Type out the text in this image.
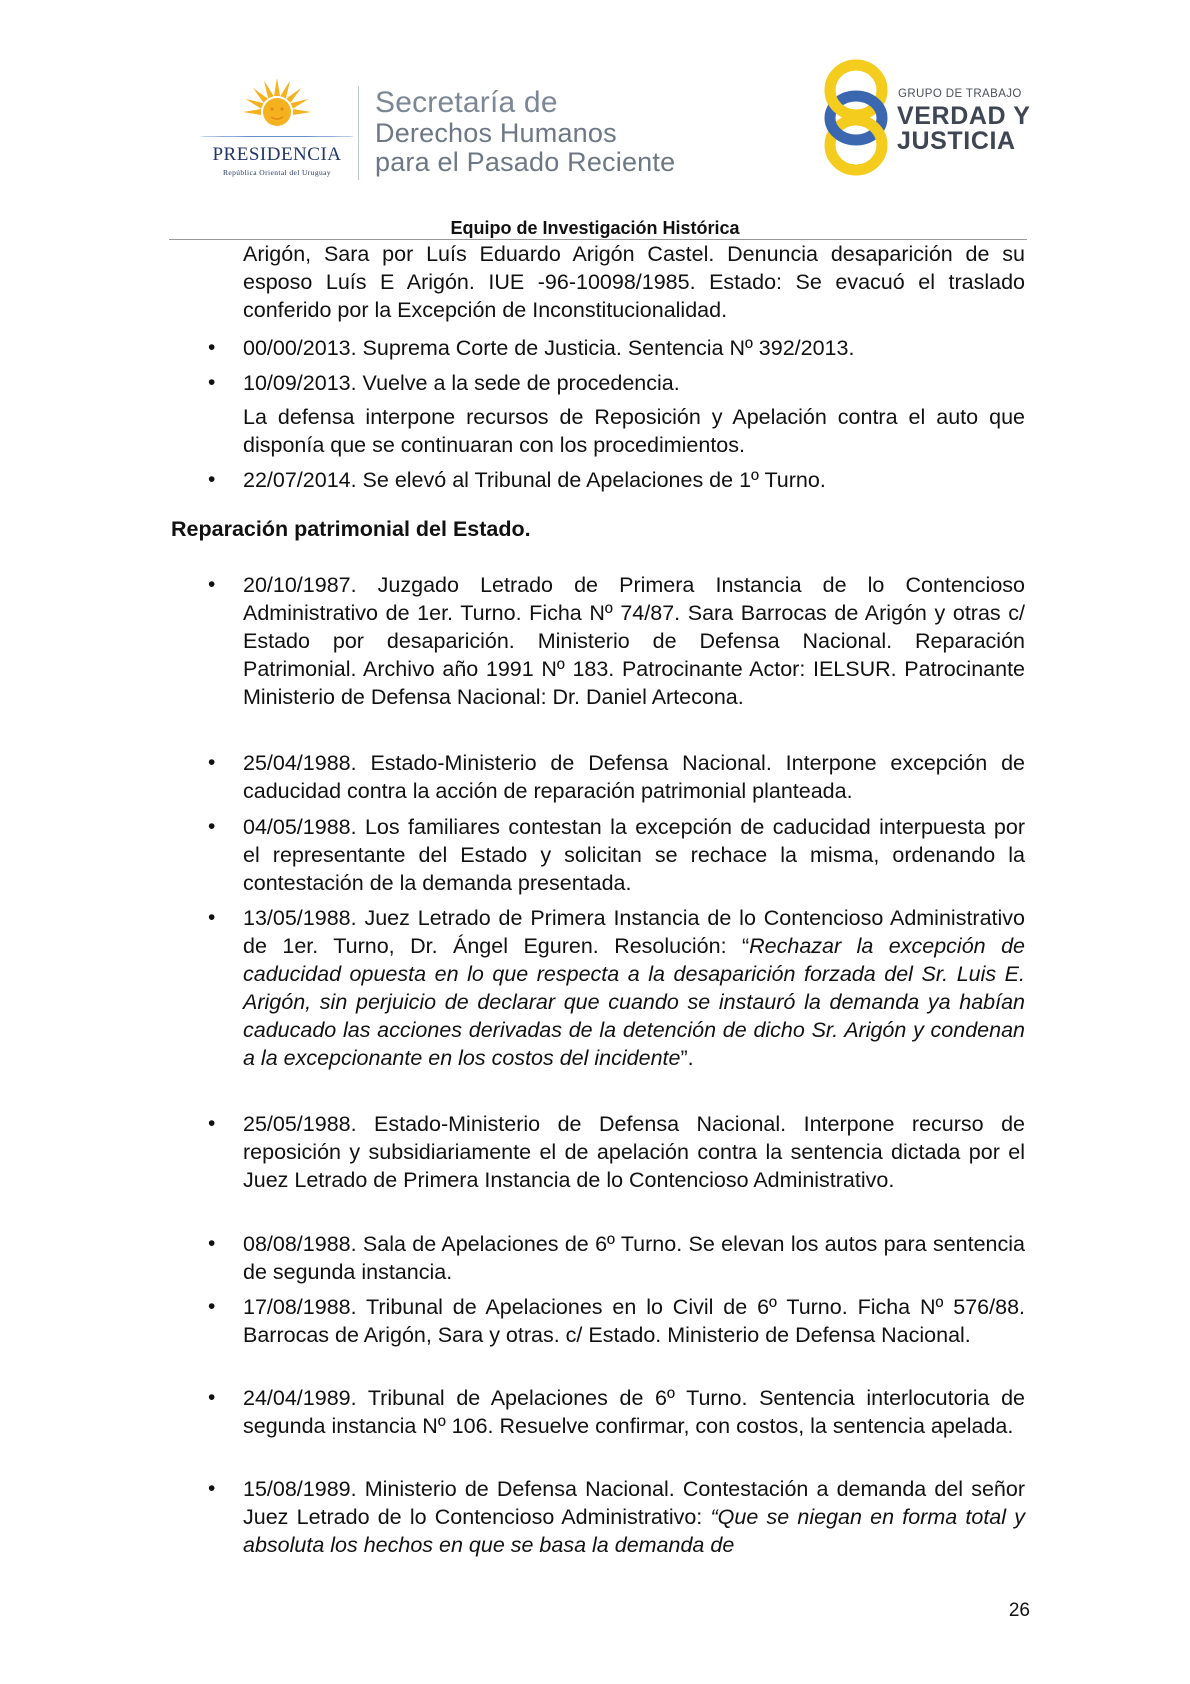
PRESIDENCIA
República Oriental del Uruguay
Secretaría de
Derechos Humanos
para el Pasado Reciente
GRUPO DE TRABAJO
VERDAD Y
JUSTICIA
Equipo de Investigación Histórica

Arigón, Sara por Luís Eduardo Arigón Castel. Denuncia desaparición de su esposo Luís E Arigón. IUE -96-10098/1985. Estado: Se evacuó el traslado conferido por la Excepción de Inconstitucionalidad.

• 00/00/2013. Suprema Corte de Justicia. Sentencia Nº 392/2013.

• 10/09/2013. Vuelve a la sede de procedencia.

La defensa interpone recursos de Reposición y Apelación contra el auto que disponía que se continuaran con los procedimientos.

• 22/07/2014. Se elevó al Tribunal de Apelaciones de 1º Turno.

Reparación patrimonial del Estado.
• 20/10/1987. Juzgado Letrado de Primera Instancia de lo Contencioso Administrativo de 1er. Turno. Ficha Nº 74/87. Sara Barrocas de Arigón y otras c/ Estado por desaparición. Ministerio de Defensa Nacional. Reparación Patrimonial. Archivo año 1991 Nº 183. Patrocinante Actor: IELSUR. Patrocinante Ministerio de Defensa Nacional: Dr. Daniel Artecona.

• 25/04/1988. Estado-Ministerio de Defensa Nacional. Interpone excepción de caducidad contra la acción de reparación patrimonial planteada.

• 04/05/1988. Los familiares contestan la excepción de caducidad interpuesta por el representante del Estado y solicitan se rechace la misma, ordenando la contestación de la demanda presentada.

• 13/05/1988. Juez Letrado de Primera Instancia de lo Contencioso Administrativo de 1er. Turno, Dr. Ángel Eguren. Resolución: “Rechazar la excepción de caducidad opuesta en lo que respecta a la desaparición forzada del Sr. Luis E. Arigón, sin perjuicio de declarar que cuando se instauró la demanda ya habían caducado las acciones derivadas de la detención de dicho Sr. Arigón y condenan a la excepcionante en los costos del incidente”.

• 25/05/1988. Estado-Ministerio de Defensa Nacional. Interpone recurso de reposición y subsidiariamente el de apelación contra la sentencia dictada por el Juez Letrado de Primera Instancia de lo Contencioso Administrativo.

• 08/08/1988. Sala de Apelaciones de 6º Turno. Se elevan los autos para sentencia de segunda instancia.

• 17/08/1988. Tribunal de Apelaciones en lo Civil de 6º Turno. Ficha Nº 576/88. Barrocas de Arigón, Sara y otras. c/ Estado. Ministerio de Defensa Nacional.

• 24/04/1989. Tribunal de Apelaciones de 6º Turno. Sentencia interlocutoria de segunda instancia Nº 106. Resuelve confirmar, con costos, la sentencia apelada.

• 15/08/1989. Ministerio de Defensa Nacional. Contestación a demanda del señor Juez Letrado de lo Contencioso Administrativo: “Que se niegan en forma total y absoluta los hechos en que se basa la demanda de

26
